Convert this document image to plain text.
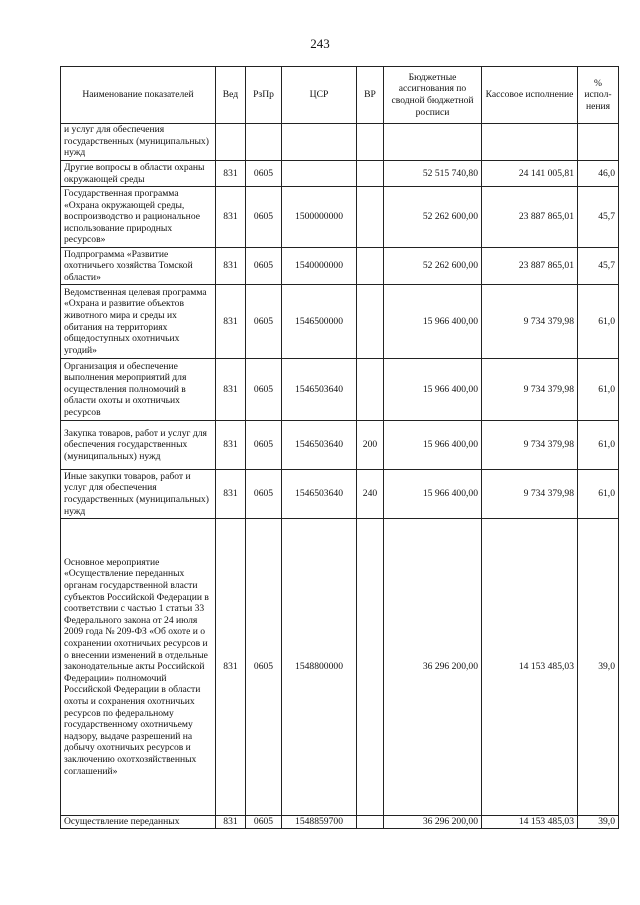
243
Наименование показателей	Вед	РзПр	ЦСР	ВР	Бюджетные ассигнования по сводной бюджетной росписи	Кассовое исполнение	% испол-нения
и услуг для обеспечения государственных (муниципальных) нужд							
Другие вопросы в области охраны окружающей среды	831	0605			52 515 740,80	24 141 005,81	46,0
Государственная программа «Охрана окружающей среды, воспроизводство и рациональное использование природных ресурсов»	831	0605	1500000000		52 262 600,00	23 887 865,01	45,7
Подпрограмма «Развитие охотничьего хозяйства Томской области»	831	0605	1540000000		52 262 600,00	23 887 865,01	45,7
Ведомственная целевая программа «Охрана и развитие объектов животного мира и среды их обитания на территориях общедоступных охотничьих угодий»	831	0605	1546500000		15 966 400,00	9 734 379,98	61,0
Организация и обеспечение выполнения мероприятий для осуществления полномочий в области охоты и охотничьих ресурсов	831	0605	1546503640		15 966 400,00	9 734 379,98	61,0
Закупка товаров, работ и услуг для обеспечения государственных (муниципальных) нужд	831	0605	1546503640	200	15 966 400,00	9 734 379,98	61,0
Иные закупки товаров, работ и услуг для обеспечения государственных (муниципальных) нужд	831	0605	1546503640	240	15 966 400,00	9 734 379,98	61,0
Основное мероприятие «Осуществление переданных органам государственной власти субъектов Российской Федерации в соответствии с частью 1 статьи 33 Федерального закона от 24 июля 2009 года № 209-ФЗ «Об охоте и о сохранении охотничьих ресурсов и о внесении изменений в отдельные законодательные акты Российской Федерации» полномочий Российской Федерации в области охоты и сохранения охотничьих ресурсов по федеральному государственному охотничьему надзору, выдаче разрешений на добычу охотничьих ресурсов и заключению охотхозяйственных соглашений»	831	0605	1548800000		36 296 200,00	14 153 485,03	39,0
Осуществление переданных	831	0605	1548859700		36 296 200,00	14 153 485,03	39,0
